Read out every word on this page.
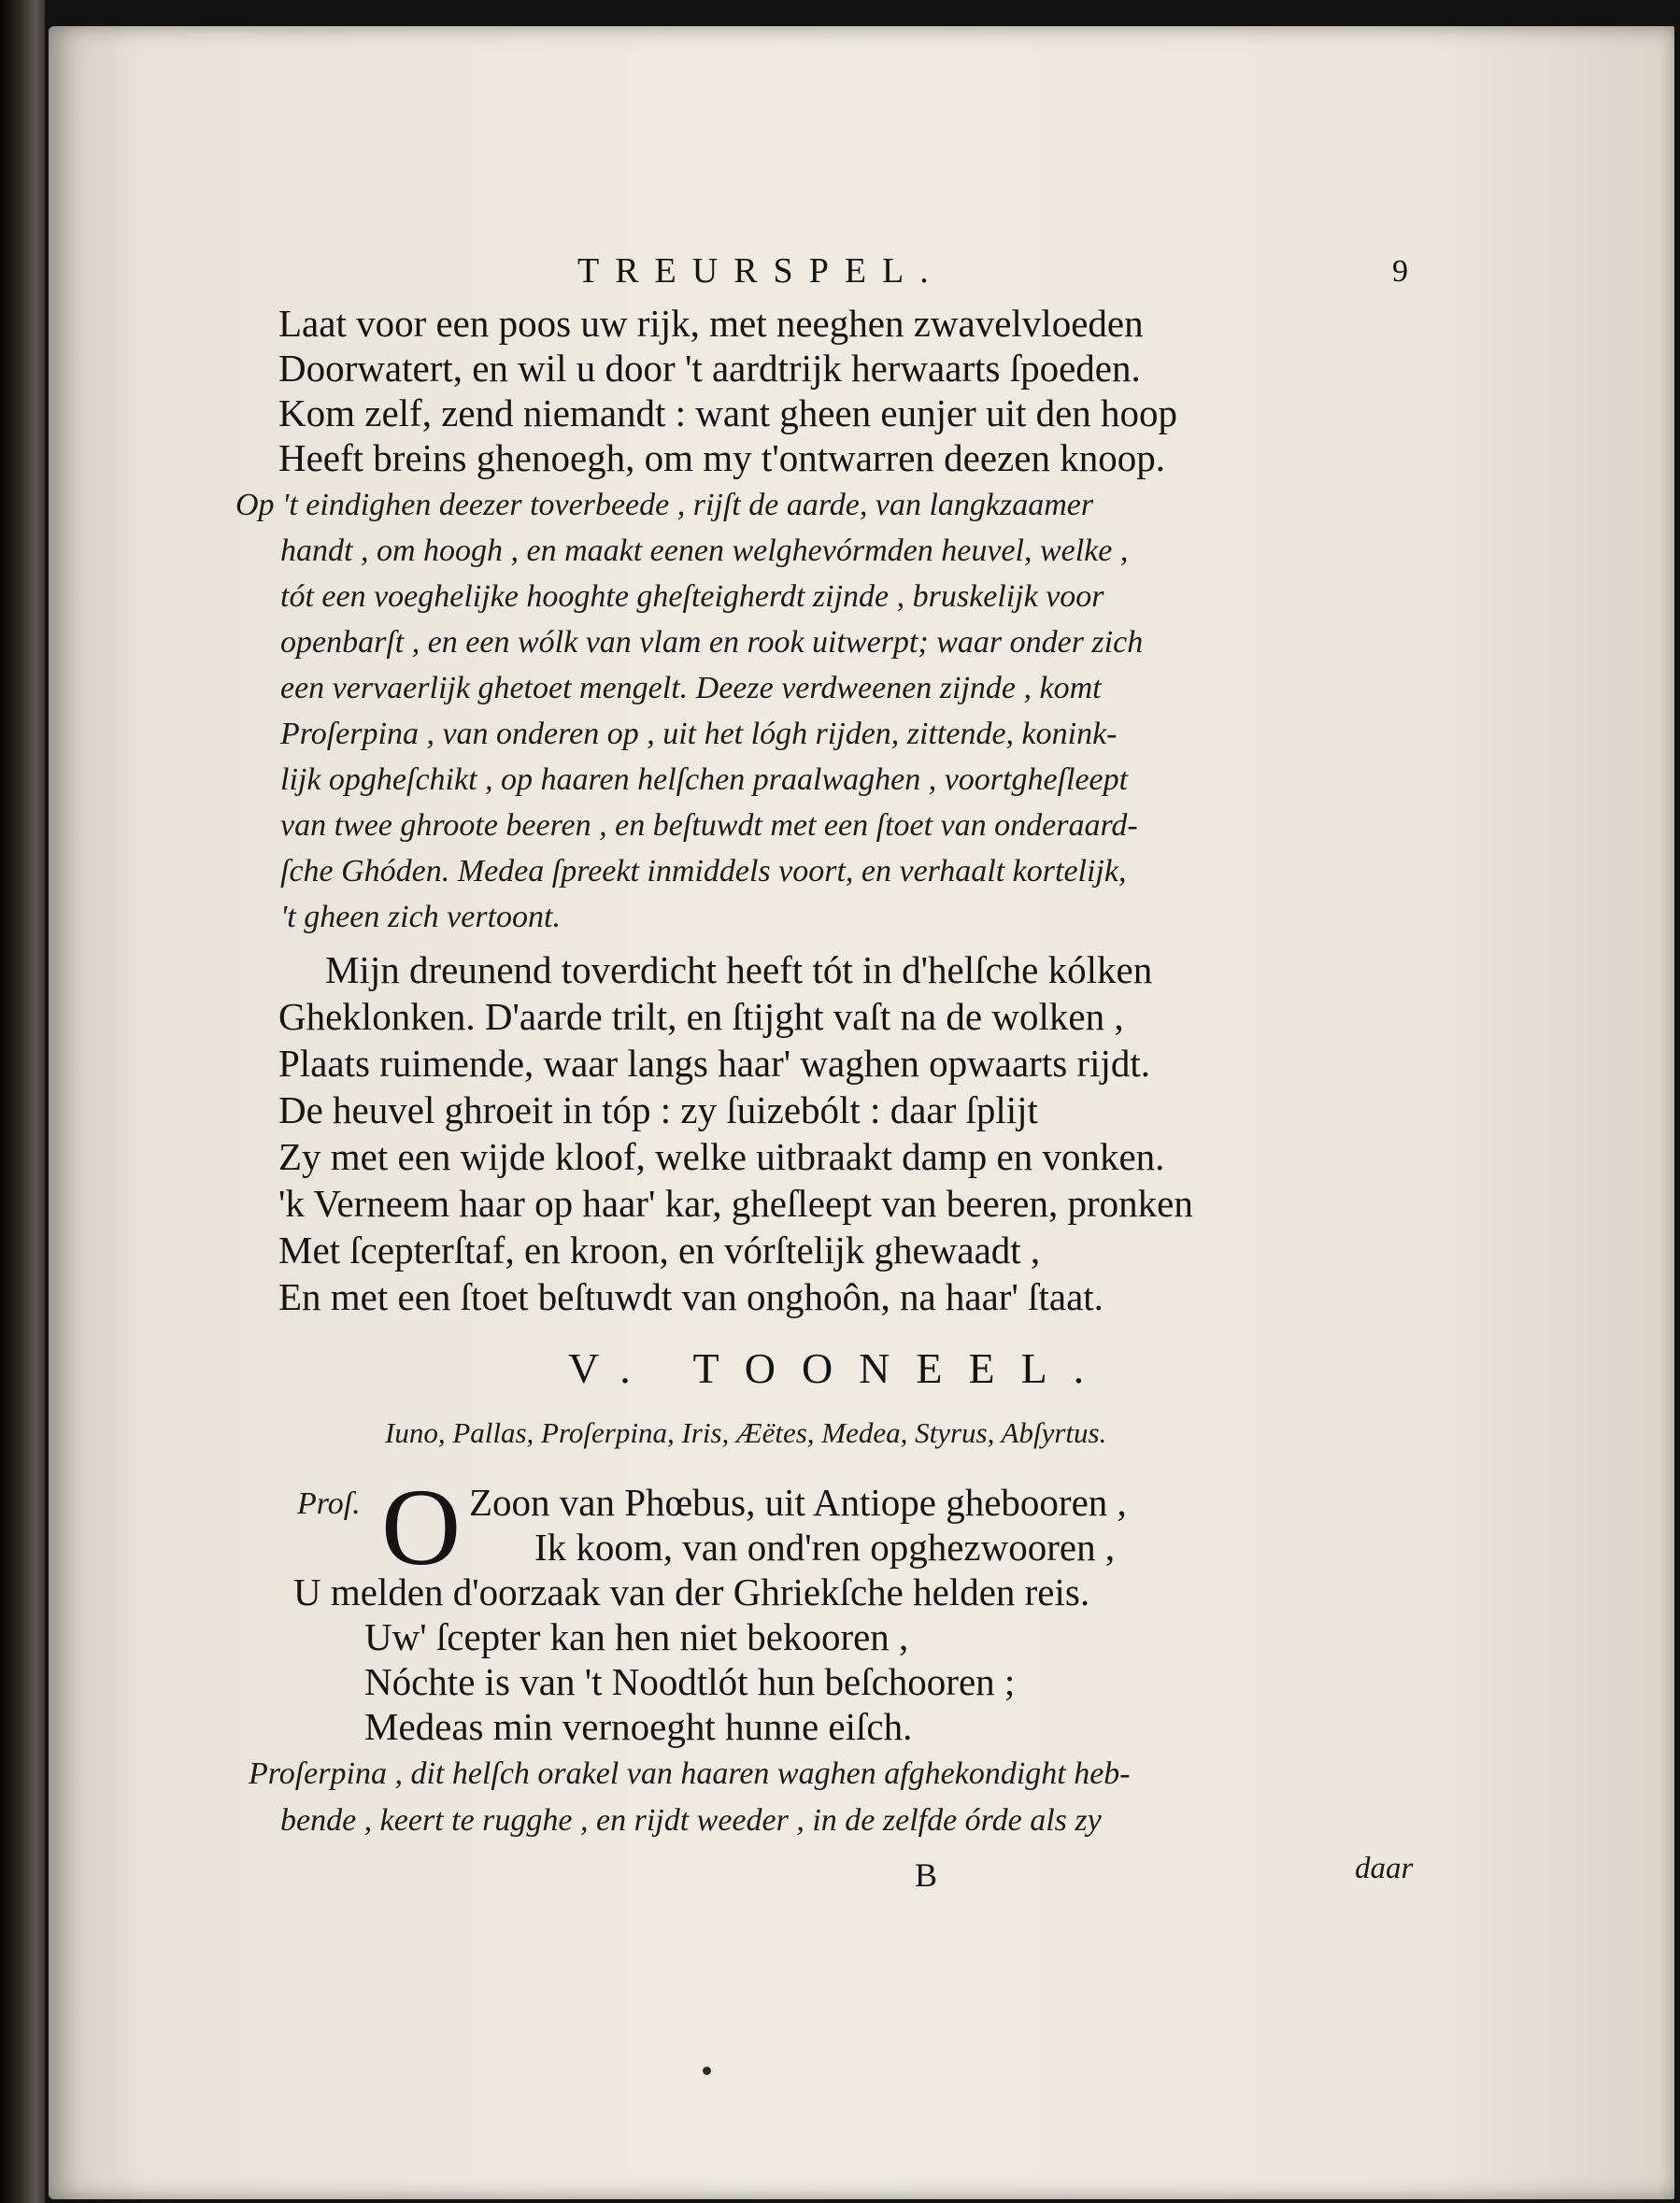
TREURSPEL.	9
Laat voor een poos uw rijk, met neeghen zwavelvloeden
Doorwatert, en wil u door 't aardtrijk herwaarts ſpoeden.
Kom zelf, zend niemandt : want gheen eunjer uit den hoop
Heeft breins ghenoegh, om my t'ontwarren deezen knoop.
Op 't eindighen deezer toverbeede , rijſt de aarde, van langkzaamer
handt , om hoogh , en maakt eenen welghevórmden heuvel, welke ,
tót een voeghelijke hooghte gheſteigherdt zijnde , bruskelijk voor
openbarſt , en een wólk van vlam en rook uitwerpt; waar onder zich
een vervaerlijk ghetoet mengelt. Deeze verdweenen zijnde , komt
Proſerpina , van onderen op , uit het lógh rijden, zittende, konink-
lijk opgheſchikt , op haaren helſchen praalwaghen , voortgheſleept
van twee ghroote beeren , en beſtuwdt met een ſtoet van onderaard-
ſche Ghóden. Medea ſpreekt inmiddels voort, en verhaalt kortelijk,
't gheen zich vertoont.
Mijn dreunend toverdicht heeft tót in d'helſche kólken
Gheklonken. D'aarde trilt, en ſtijght vaſt na de wolken ,
Plaats ruimende, waar langs haar' waghen opwaarts rijdt.
De heuvel ghroeit in tóp : zy ſuizebólt : daar ſplijt
Zy met een wijde kloof, welke uitbraakt damp en vonken.
'k Verneem haar op haar' kar, gheſleept van beeren, pronken
Met ſcepterſtaf, en kroon, en vórſtelijk ghewaadt ,
En met een ſtoet beſtuwdt van onghoôn, na haar' ſtaat.
V. TOONEEL.
Iuno, Pallas, Proſerpina, Iris, Æëtes, Medea, Styrus, Abſyrtus.
Proſ. O Zoon van Phœbus, uit Antiope ghebooren ,
Ik koom, van ond'ren opghezwooren ,
U melden d'oorzaak van der Ghriekſche helden reis.
Uw' ſcepter kan hen niet bekooren ,
Nóchte is van 't Noodtlót hun beſchooren ;
Medeas min vernoeght hunne eiſch.
Proſerpina , dit helſch orakel van haaren waghen afghekondight heb-
bende , keert te rugghe , en rijdt weeder , in de zelfde órde als zy
B	daar
